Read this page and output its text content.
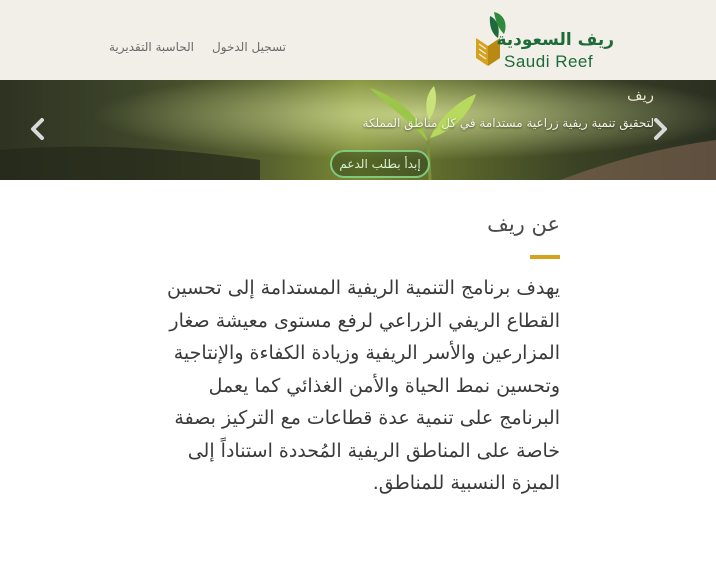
ريف السعودية
Saudi Reef
تسجيل الدخول
الحاسبة التقديرية
ريف
لتحقيق تنمية ريفية زراعية مستدامة في كل مناطق المملكة
إبدأ بطلب الدعم
عن ريف
يهدف برنامج التنمية الريفية المستدامة إلى تحسين القطاع الريفي الزراعي لرفع مستوى معيشة صغار المزارعين والأسر الريفية وزيادة الكفاءة والإنتاجية وتحسين نمط الحياة والأمن الغذائي كما يعمل البرنامج على تنمية عدة قطاعات مع التركيز بصفة خاصة على المناطق الريفية المُحددة استناداً إلى الميزة النسبية للمناطق.
